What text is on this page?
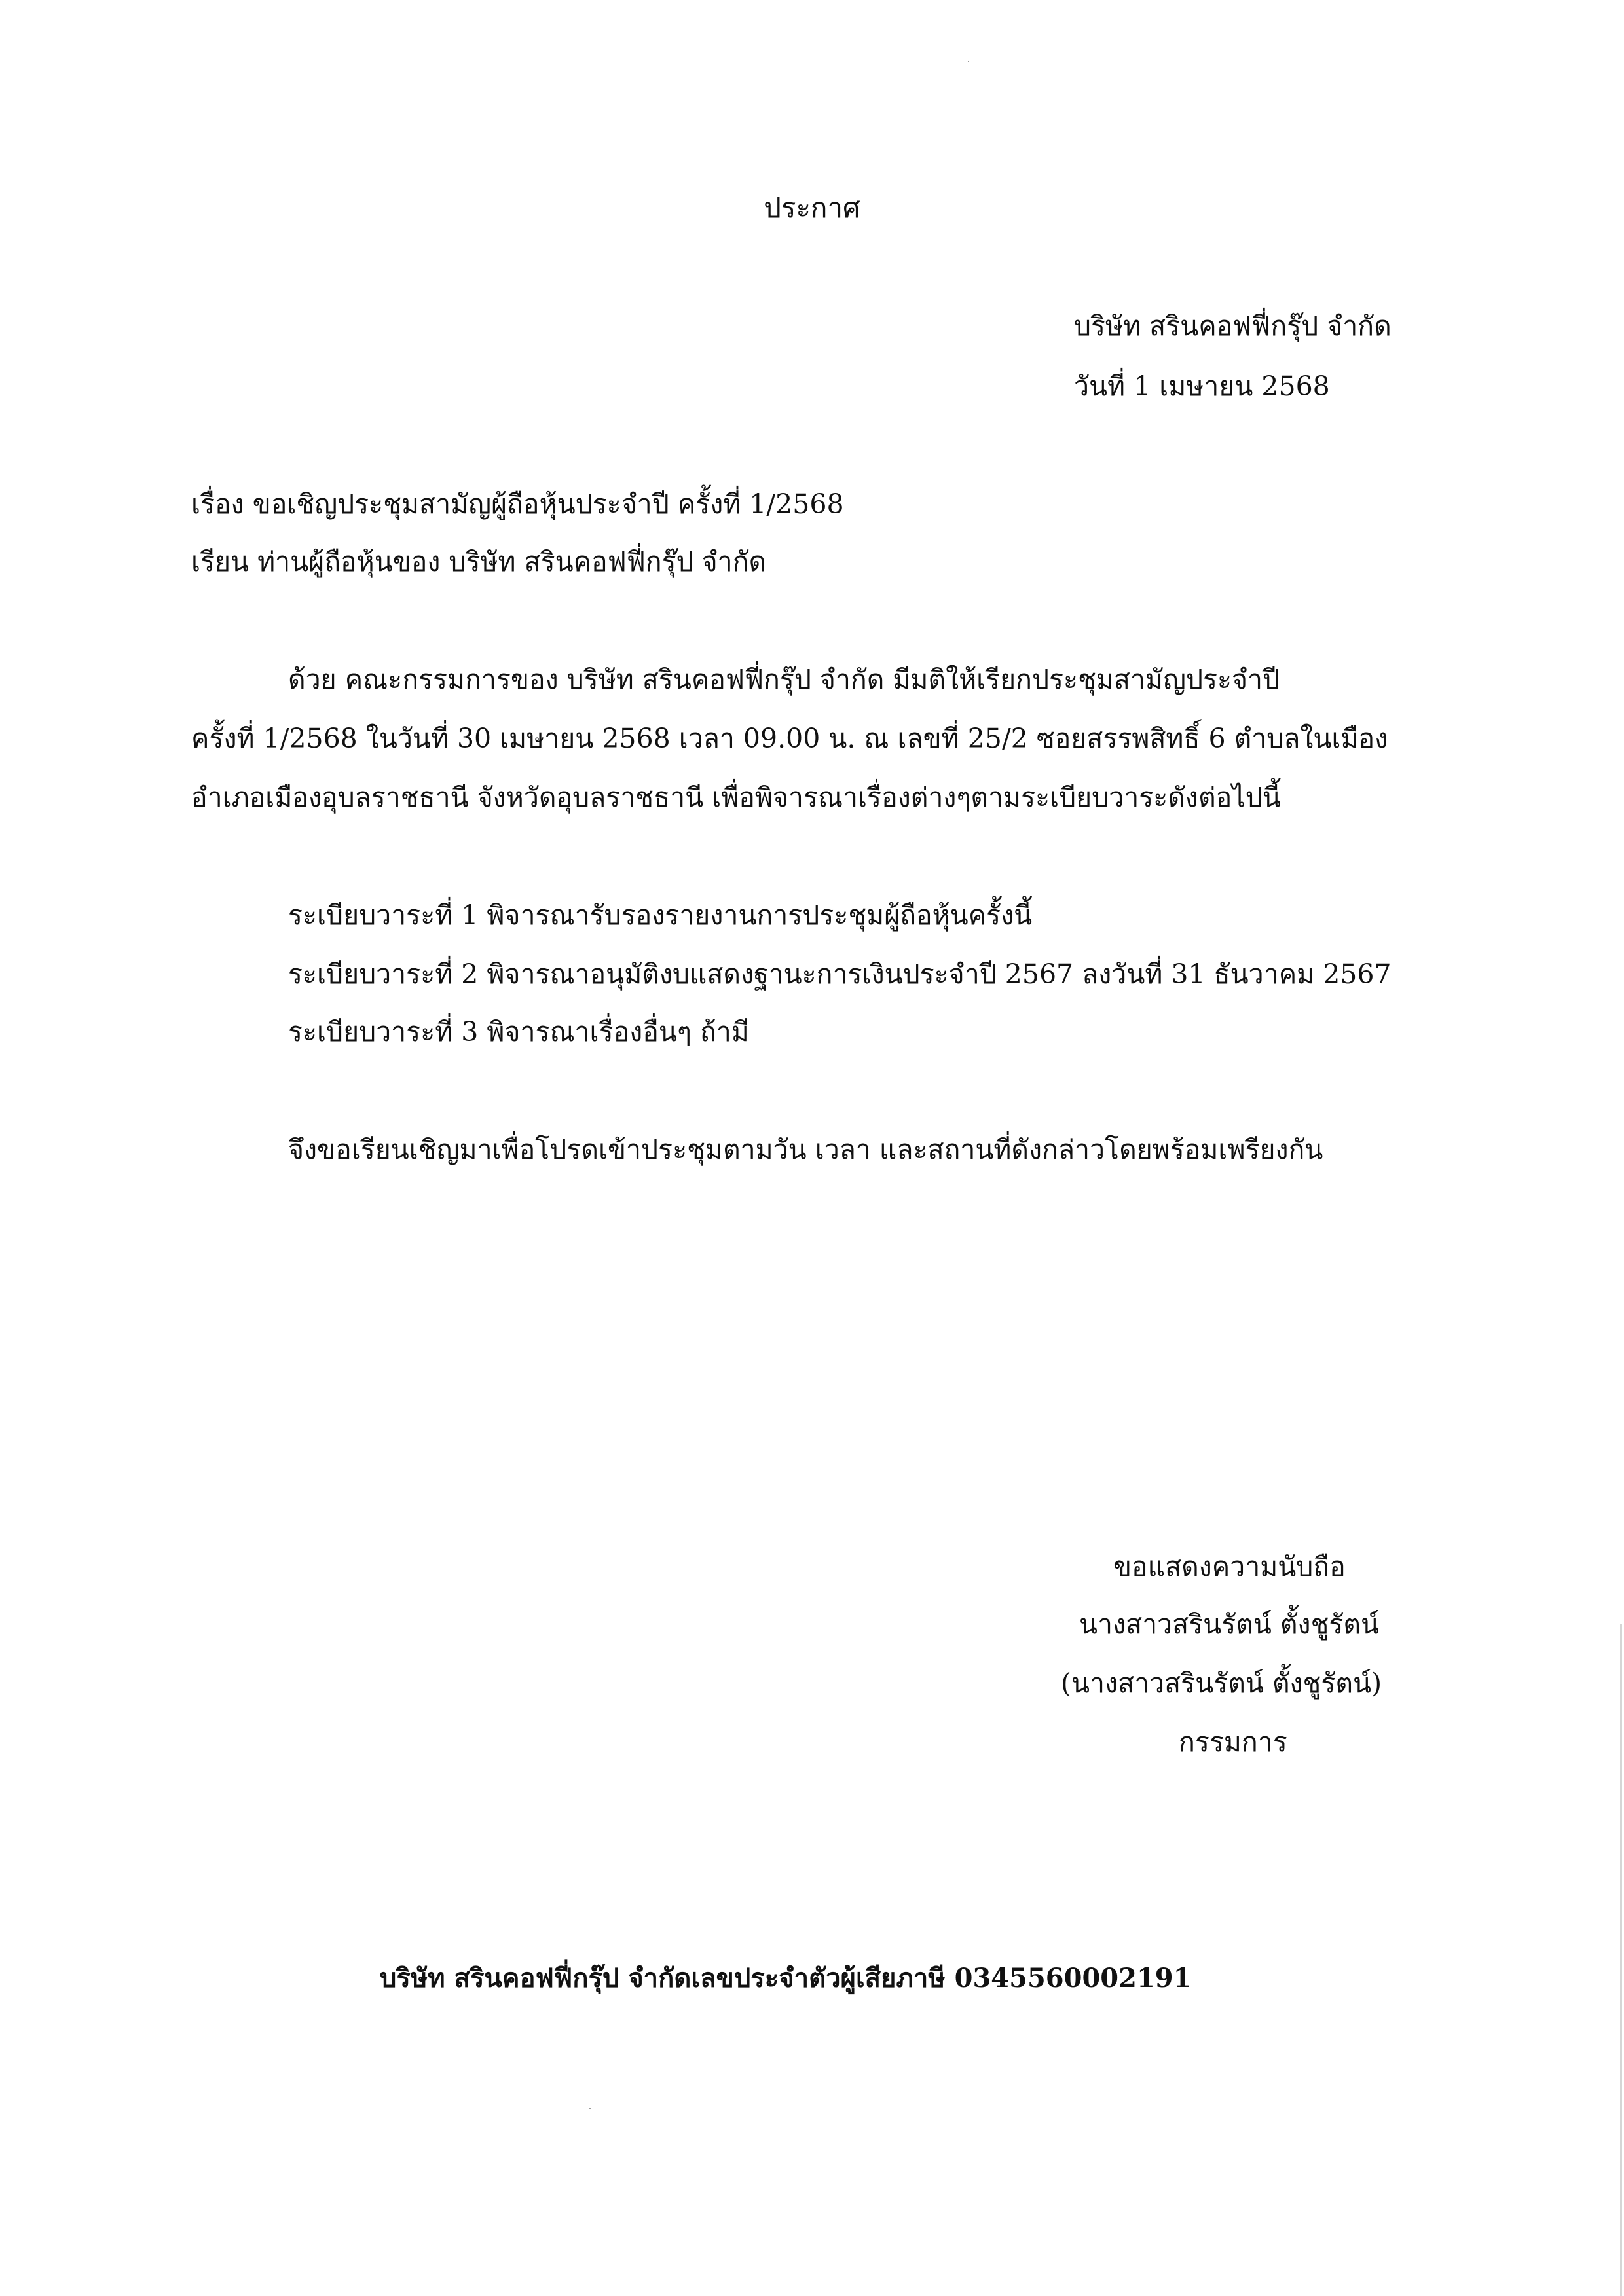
ประกาศ
บริษัท สรินคอฟฟี่กรุ๊ป จำกัด
วันที่ 1 เมษายน 2568
เรื่อง ขอเชิญประชุมสามัญผู้ถือหุ้นประจำปี ครั้งที่ 1/2568
เรียน ท่านผู้ถือหุ้นของ บริษัท สรินคอฟฟี่กรุ๊ป จำกัด
ด้วย คณะกรรมการของ บริษัท สรินคอฟฟี่กรุ๊ป จำกัด มีมติให้เรียกประชุมสามัญประจำปี
ครั้งที่ 1/2568 ในวันที่ 30 เมษายน 2568 เวลา 09.00 น. ณ เลขที่ 25/2 ซอยสรรพสิทธิ์ 6 ตำบลในเมือง
อำเภอเมืองอุบลราชธานี จังหวัดอุบลราชธานี เพื่อพิจารณาเรื่องต่างๆตามระเบียบวาระดังต่อไปนี้
ระเบียบวาระที่ 1 พิจารณารับรองรายงานการประชุมผู้ถือหุ้นครั้งนี้
ระเบียบวาระที่ 2 พิจารณาอนุมัติงบแสดงฐานะการเงินประจำปี 2567 ลงวันที่ 31 ธันวาคม 2567
ระเบียบวาระที่ 3 พิจารณาเรื่องอื่นๆ ถ้ามี
จึงขอเรียนเชิญมาเพื่อโปรดเข้าประชุมตามวัน เวลา และสถานที่ดังกล่าวโดยพร้อมเพรียงกัน
ขอแสดงความนับถือ
นางสาวสรินรัตน์ ตั้งชูรัตน์
(นางสาวสรินรัตน์ ตั้งชูรัตน์)
กรรมการ
บริษัท สรินคอฟฟี่กรุ๊ป จำกัดเลขประจำตัวผู้เสียภาษี 0345560002191
